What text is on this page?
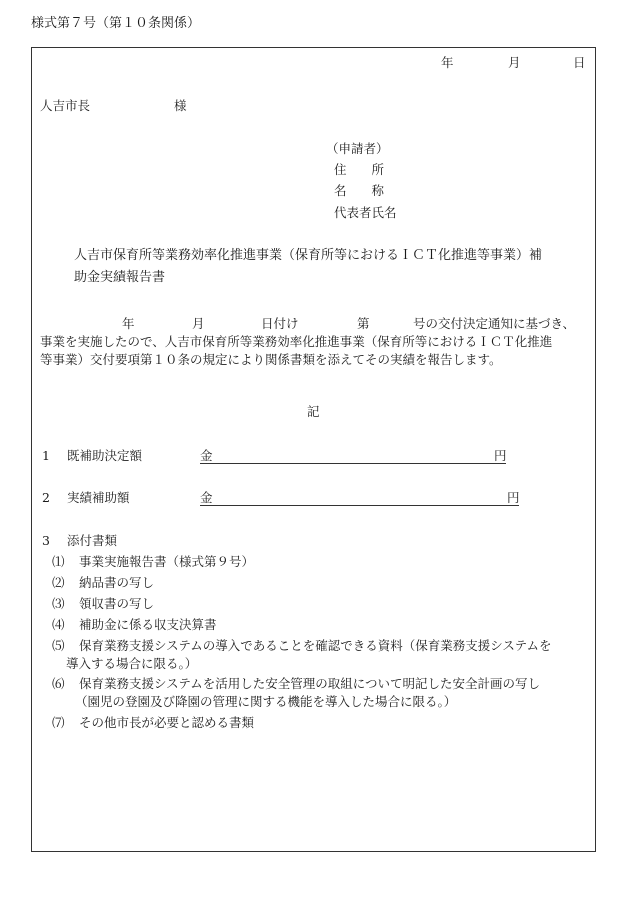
様式第７号（第１０条関係）
年	月	日
人吉市長	様
（申請者）
住　　所
名　　称
代表者氏名
人吉市保育所等業務効率化推進事業（保育所等におけるＩＣＴ化推進等事業）補
助金実績報告書
年	月	日付け	第	号の交付決定通知に基づき、
事業を実施したので、人吉市保育所等業務効率化推進事業（保育所等におけるＩＣＴ化推進
等事業）交付要項第１０条の規定により関係書類を添えてその実績を報告します。
記
1 既補助決定額	金	円
2 実績補助額	金	円
3 添付書類
⑴ 事業実施報告書（様式第９号）
⑵ 納品書の写し
⑶ 領収書の写し
⑷ 補助金に係る収支決算書
⑸ 保育業務支援システムの導入であることを確認できる資料（保育業務支援システムを
導入する場合に限る。）
⑹ 保育業務支援システムを活用した安全管理の取組について明記した安全計画の写し
（園児の登園及び降園の管理に関する機能を導入した場合に限る。）
⑺ その他市長が必要と認める書類
